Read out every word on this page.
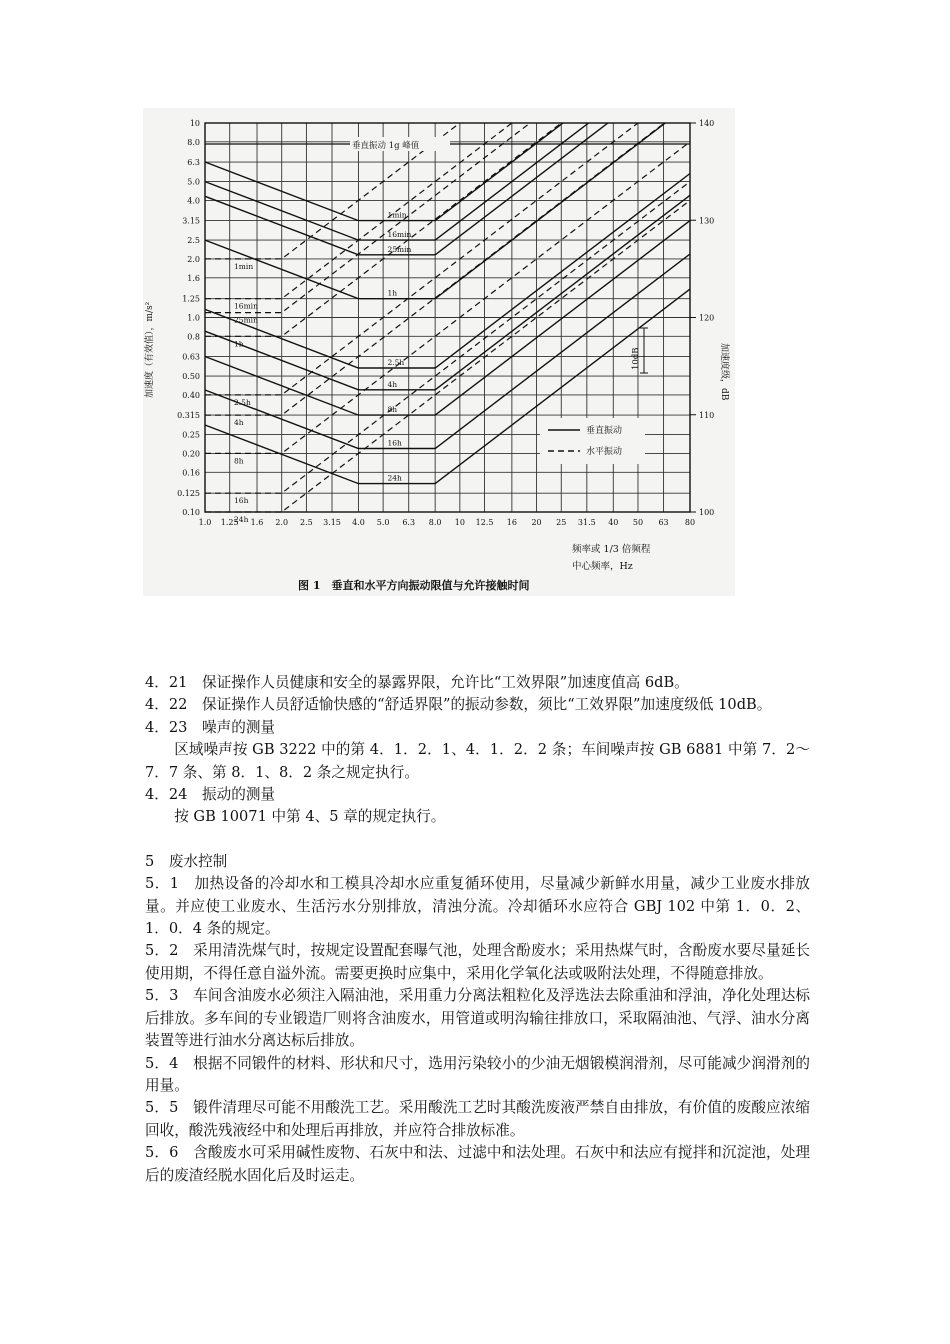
1min
16min
25min
1h
2.5h
4h
8h
16h
24h
1min
16min
25min
1h
2.5h
4h
8h
16h
24h
1.0 1.25 1.6 2.0 2.5 3.15 4.0 5.0 6.3 8.0 10 12.5 16 20 25 31.5 40 50 63 80
0.10
0.125
0.16
0.20
0.25
0.315
0.40
0.50
0.63
0.8
1.0
1.25
1.6
2.0
2.5
3.15
4.0
5.0
6.3
8.0
10
100
110
120
130
140
垂直振动 1g 峰值
10dB
垂直振动
水平振动
加速度（有效值），m/s²	加速度级，dB
频率或 1/3 倍频程
中心频率，Hz
图 1　垂直和水平方向振动限值与允许接触时间

4．21　保证操作人员健康和安全的暴露界限，允许比“工效界限”加速度值高 6dB。

4．22　保证操作人员舒适愉快感的“舒适界限”的振动参数，须比“工效界限”加速度级低 10dB。

4．23　噪声的测量

区域噪声按 GB 3222 中的第 4．1．2．1、4．1．2．2 条；车间噪声按 GB 6881 中第 7．2～7．7 条、第 8．1、8．2 条之规定执行。

4．24　振动的测量

按 GB 10071 中第 4、5 章的规定执行。

5　废水控制

5．1　加热设备的冷却水和工模具冷却水应重复循环使用，尽量减少新鲜水用量，减少工业废水排放量。并应使工业废水、生活污水分别排放，清浊分流。冷却循环水应符合 GBJ 102 中第 1．0．2、1．0．4 条的规定。

5．2　采用清洗煤气时，按规定设置配套曝气池，处理含酚废水；采用热煤气时，含酚废水要尽量延长使用期，不得任意自溢外流。需要更换时应集中，采用化学氧化法或吸附法处理，不得随意排放。

5．3　车间含油废水必须注入隔油池，采用重力分离法粗粒化及浮选法去除重油和浮油，净化处理达标后排放。多车间的专业锻造厂则将含油废水，用管道或明沟输往排放口，采取隔油池、气浮、油水分离装置等进行油水分离达标后排放。

5．4　根据不同锻件的材料、形状和尺寸，选用污染较小的少油无烟锻模润滑剂，尽可能减少润滑剂的用量。

5．5　锻件清理尽可能不用酸洗工艺。采用酸洗工艺时其酸洗废液严禁自由排放，有价值的废酸应浓缩回收，酸洗残液经中和处理后再排放，并应符合排放标准。

5．6　含酸废水可采用碱性废物、石灰中和法、过滤中和法处理。石灰中和法应有搅拌和沉淀池，处理后的废渣经脱水固化后及时运走。
